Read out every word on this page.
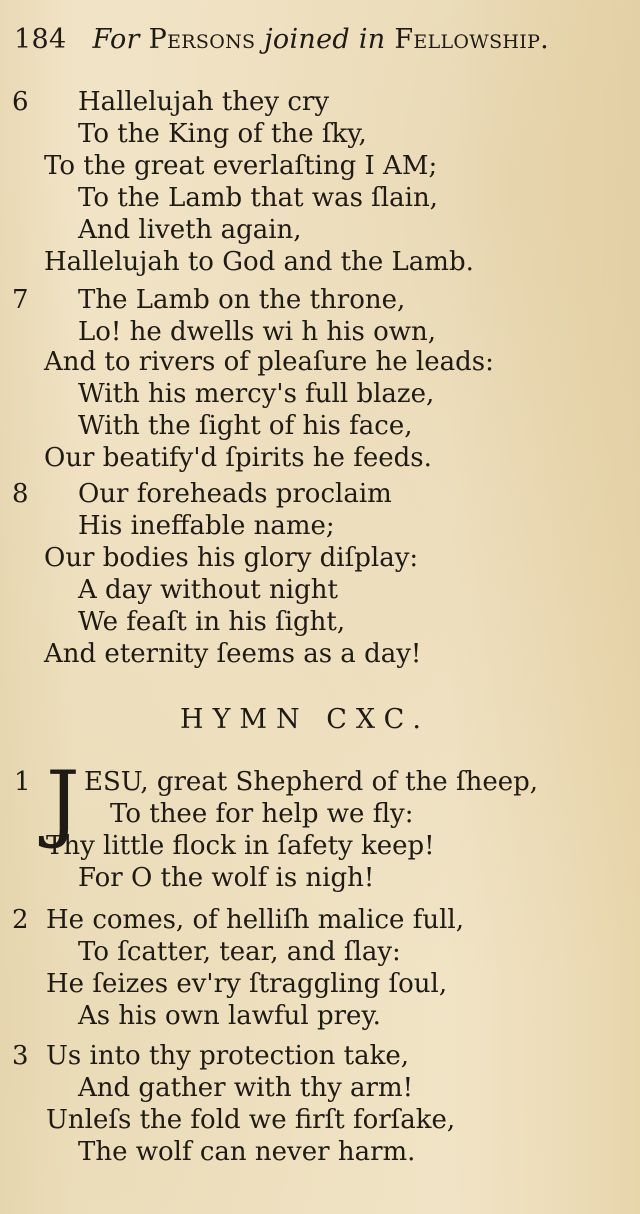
184 For Persons joined in Fellowship.
6 Hallelujah they cry
To the King of the ſky,
To the great everlaſting I AM;
To the Lamb that was ſlain,
And liveth again,
Hallelujah to God and the Lamb.
7 The Lamb on the throne,
Lo! he dwells wi h his own,
And to rivers of pleaſure he leads:
With his mercy's full blaze,
With the ſight of his face,
Our beatify'd ſpirits he feeds.
8 Our foreheads proclaim
His ineffable name;
Our bodies his glory diſplay:
A day without night
We feaſt in his ſight,
And eternity ſeems as a day!
HYMN CXC.
1 J ESU, great Shepherd of the ſheep,
To thee for help we fly:
Thy little flock in ſafety keep!
For O the wolf is nigh!
2 He comes, of helliſh malice full,
To ſcatter, tear, and ſlay:
He ſeizes ev'ry ſtraggling ſoul,
As his own lawful prey.
3 Us into thy protection take,
And gather with thy arm!
Unleſs the fold we firſt forſake,
The wolf can never harm.
